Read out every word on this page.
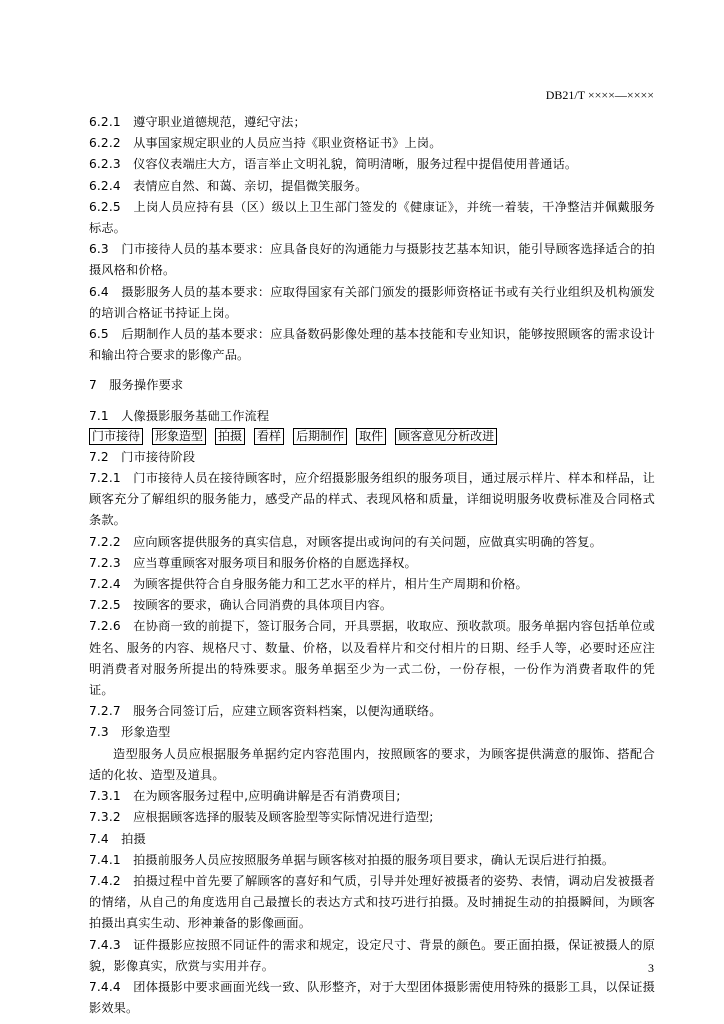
DB21/T ××××—××××

6.2.1　遵守职业道德规范，遵纪守法；

6.2.2　从事国家规定职业的人员应当持《职业资格证书》上岗。

6.2.3　仪容仪表端庄大方，语言举止文明礼貌，简明清晰，服务过程中提倡使用普通话。

6.2.4　表情应自然、和蔼、亲切，提倡微笑服务。

6.2.5　上岗人员应持有县（区）级以上卫生部门签发的《健康证》，并统一着装，干净整洁并佩戴服务标志。

6.3　门市接待人员的基本要求：应具备良好的沟通能力与摄影技艺基本知识，能引导顾客选择适合的拍摄风格和价格。

6.4　摄影服务人员的基本要求：应取得国家有关部门颁发的摄影师资格证书或有关行业组织及机构颁发的培训合格证书持证上岗。

6.5　后期制作人员的基本要求：应具备数码影像处理的基本技能和专业知识，能够按照顾客的需求设计和输出符合要求的影像产品。

7　服务操作要求

7.1　人像摄影服务基础工作流程

门市接待 形象造型 拍摄 看样 后期制作 取件 顾客意见分析改进

7.2　门市接待阶段

7.2.1　门市接待人员在接待顾客时，应介绍摄影服务组织的服务项目，通过展示样片、样本和样品，让顾客充分了解组织的服务能力，感受产品的样式、表现风格和质量，详细说明服务收费标准及合同格式条款。

7.2.2　应向顾客提供服务的真实信息，对顾客提出或询问的有关问题，应做真实明确的答复。

7.2.3　应当尊重顾客对服务项目和服务价格的自愿选择权。

7.2.4　为顾客提供符合自身服务能力和工艺水平的样片，相片生产周期和价格。

7.2.5　按顾客的要求，确认合同消费的具体项目内容。

7.2.6　在协商一致的前提下，签订服务合同，开具票据，收取应、预收款项。服务单据内容包括单位或姓名、服务的内容、规格尺寸、数量、价格，以及看样片和交付相片的日期、经手人等，必要时还应注明消费者对服务所提出的特殊要求。服务单据至少为一式二份，一份存根，一份作为消费者取件的凭证。

7.2.7　服务合同签订后，应建立顾客资料档案，以便沟通联络。

7.3　形象造型

造型服务人员应根据服务单据约定内容范围内，按照顾客的要求，为顾客提供满意的服饰、搭配合适的化妆、造型及道具。

7.3.1　在为顾客服务过程中,应明确讲解是否有消费项目;

7.3.2　应根据顾客选择的服装及顾客脸型等实际情况进行造型;

7.4　拍摄

7.4.1　拍摄前服务人员应按照服务单据与顾客核对拍摄的服务项目要求，确认无误后进行拍摄。

7.4.2　拍摄过程中首先要了解顾客的喜好和气质，引导并处理好被摄者的姿势、表情，调动启发被摄者的情绪，从自己的角度选用自己最擅长的表达方式和技巧进行拍摄。及时捕捉生动的拍摄瞬间，为顾客拍摄出真实生动、形神兼备的影像画面。

7.4.3　证件摄影应按照不同证件的需求和规定，设定尺寸、背景的颜色。要正面拍摄，保证被摄人的原貌，影像真实，欣赏与实用并存。

7.4.4　团体摄影中要求画面光线一致、队形整齐，对于大型团体摄影需使用特殊的摄影工具，以保证摄影效果。

3
